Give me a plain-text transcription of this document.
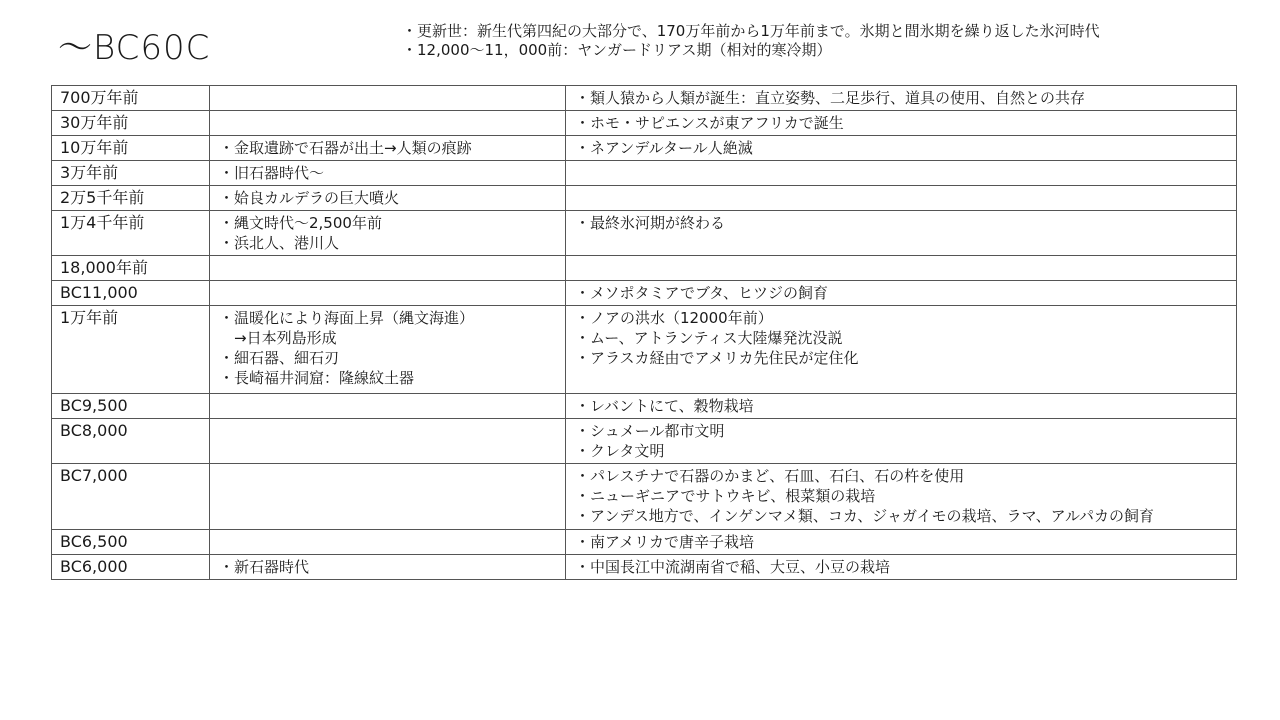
～BC60C	・更新世：新生代第四紀の大部分で、170万年前から1万年前まで。氷期と間氷期を繰り返した氷河時代
・12,000～11，000前：ヤンガードリアス期（相対的寒冷期）
700万年前		・類人猿から人類が誕生：直立姿勢、二足歩行、道具の使用、自然との共存

30万年前		・ホモ・サピエンスが東アフリカで誕生

10万年前	・金取遺跡で石器が出土→人類の痕跡	・ネアンデルタール人絶滅

3万年前	・旧石器時代～	

2万5千年前	・姶良カルデラの巨大噴火	

1万4千年前	・縄文時代～2,500年前
・浜北人、港川人	・最終氷河期が終わる

18,000年前		
BC11,000		・メソポタミアでブタ、ヒツジの飼育

1万年前	・温暖化により海面上昇（縄文海進）
　→日本列島形成
・細石器、細石刃
・長崎福井洞窟：隆線紋土器	・ノアの洪水（12000年前）
・ムー、アトランティス大陸爆発沈没説
・アラスカ経由でアメリカ先住民が定住化

BC9,500		・レバントにて、穀物栽培

BC8,000		・シュメール都市文明
・クレタ文明

BC7,000		・パレスチナで石器のかまど、石皿、石臼、石の杵を使用
・ニューギニアでサトウキビ、根菜類の栽培
・アンデス地方で、インゲンマメ類、コカ、ジャガイモの栽培、ラマ、アルパカの飼育

BC6,500		・南アメリカで唐辛子栽培

BC6,000	・新石器時代	・中国長江中流湖南省で稲、大豆、小豆の栽培
